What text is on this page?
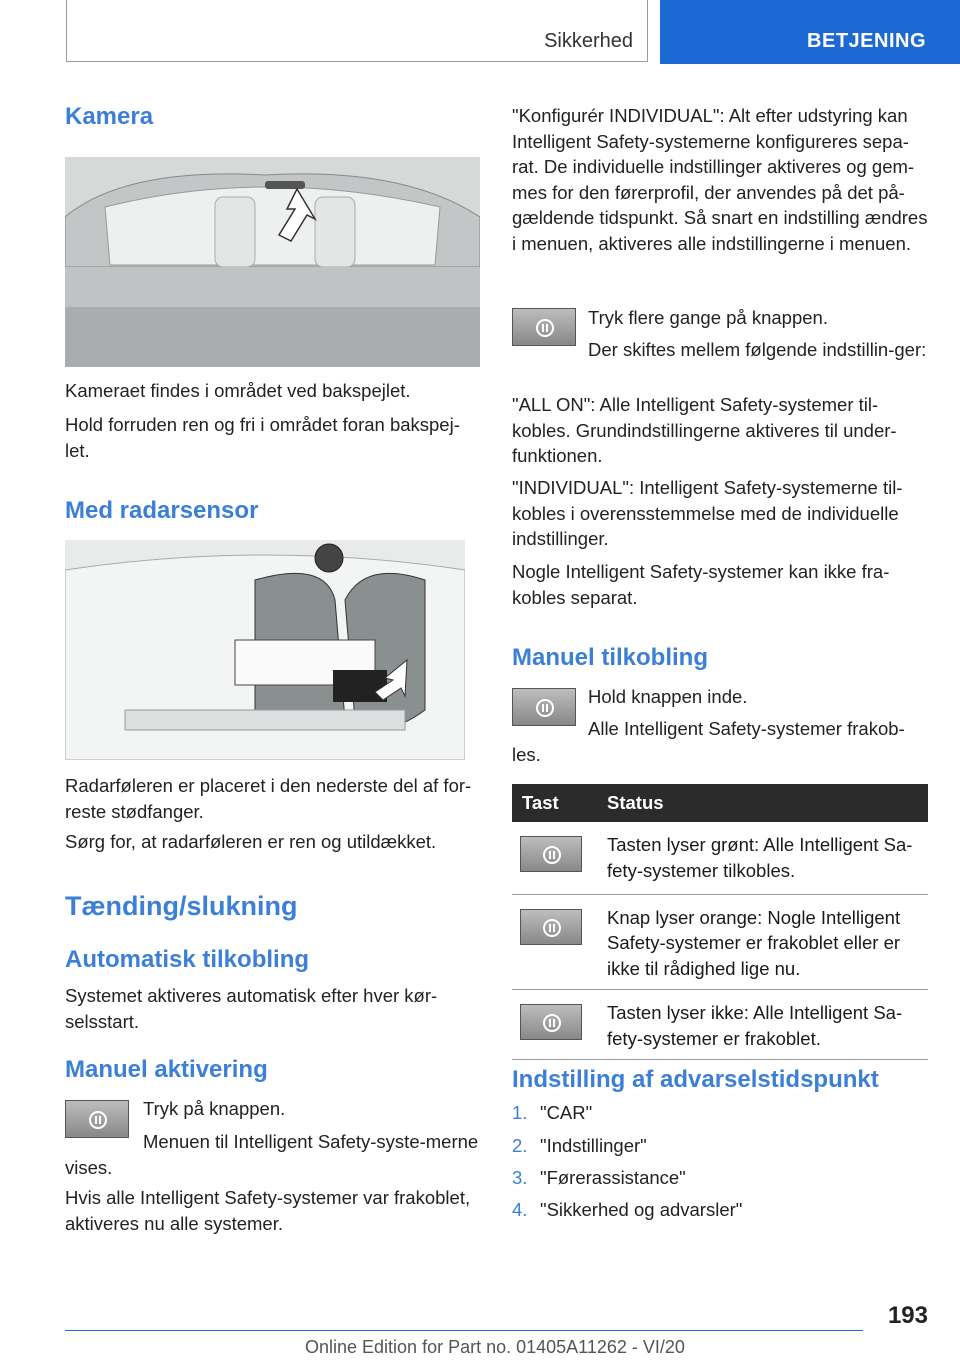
Sikkerhed	BETJENING
Kamera

Kameraet findes i området ved bakspejlet.

Hold forruden ren og fri i området foran bakspej-let.

Med radarsensor

Radarføleren er placeret i den nederste del af for-reste stødfanger.

Sørg for, at radarføleren er ren og utildækket.

Tænding/slukning
Automatisk tilkobling

Systemet aktiveres automatisk efter hver kør-selsstart.

Manuel aktivering

Tryk på knappen.

Menuen til Intelligent Safety-syste-merne vises.

Hvis alle Intelligent Safety-systemer var frakoblet, aktiveres nu alle systemer.

"Konfigurér INDIVIDUAL": Alt efter udstyring kan Intelligent Safety-systemerne konfigureres sepa-rat. De individuelle indstillinger aktiveres og gem-mes for den førerprofil, der anvendes på det på-gældende tidspunkt. Så snart en indstilling ændres i menuen, aktiveres alle indstillingerne i menuen.

Tryk flere gange på knappen.

Der skiftes mellem følgende indstillin-ger:

"ALL ON": Alle Intelligent Safety-systemer til-kobles. Grundindstillingerne aktiveres til under-funktionen.

"INDIVIDUAL": Intelligent Safety-systemerne til-kobles i overensstemmelse med de individuelle indstillinger.

Nogle Intelligent Safety-systemer kan ikke fra-kobles separat.

Manuel tilkobling

Hold knappen inde.

Alle Intelligent Safety-systemer frakob-les.

Tast	Status

	Tasten lyser grønt: Alle Intelligent Sa-fety-systemer tilkobles.

	Knap lyser orange: Nogle Intelligent Safety-systemer er frakoblet eller er ikke til rådighed lige nu.

	Tasten lyser ikke: Alle Intelligent Sa-fety-systemer er frakoblet.
Indstilling af advarselstidspunkt
1. "CAR"
2. "Indstillinger"
3. "Førerassistance"
4. "Sikkerhed og advarsler"
193
Online Edition for Part no. 01405A11262 - VI/20
